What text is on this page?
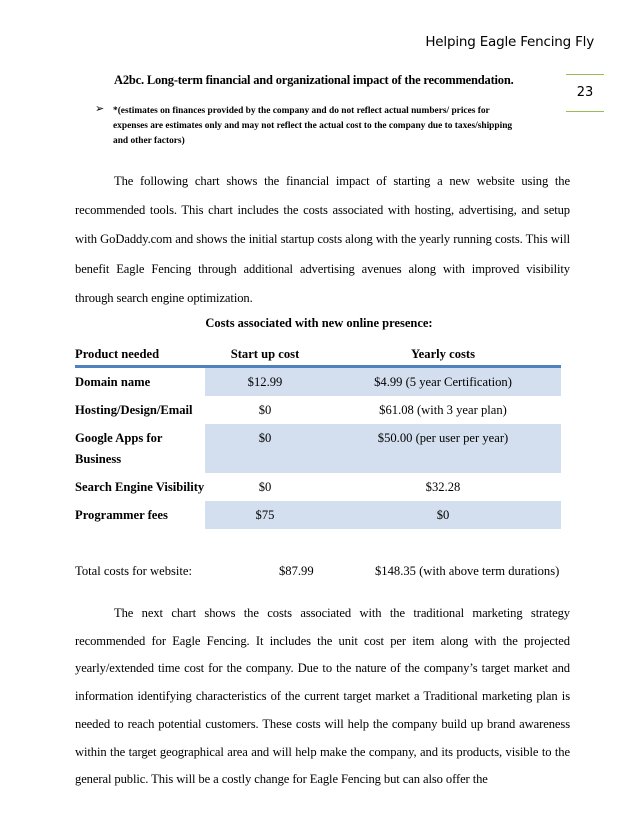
Helping Eagle Fencing Fly
23
A2bc. Long-term financial and organizational impact of the recommendation.
➢ *(estimates on finances provided by the company and do not reflect actual numbers/ prices for
expenses are estimates only and may not reflect the actual cost to the company due to taxes/shipping
and other factors)
The following chart shows the financial impact of starting a new website using the recommended tools. This chart includes the costs associated with hosting, advertising, and setup with GoDaddy.com and shows the initial startup costs along with the yearly running costs. This will benefit Eagle Fencing through additional advertising avenues along with improved visibility through search engine optimization.
Costs associated with new online presence:
Product needed	Start up cost	Yearly costs
Domain name	$12.99	$4.99 (5 year Certification)
Hosting/Design/Email	$0	$61.08 (with 3 year plan)
Google Apps for Business	$0	$50.00 (per user per year)
Search Engine Visibility	$0	$32.28
Programmer fees	$75	$0
Total costs for website:	$87.99	$148.35 (with above term durations)
The next chart shows the costs associated with the traditional marketing strategy recommended for Eagle Fencing. It includes the unit cost per item along with the projected yearly/extended time cost for the company. Due to the nature of the company’s target market and information identifying characteristics of the current target market a Traditional marketing plan is needed to reach potential customers. These costs will help the company build up brand awareness within the target geographical area and will help make the company, and its products, visible to the general public. This will be a costly change for Eagle Fencing but can also offer the
